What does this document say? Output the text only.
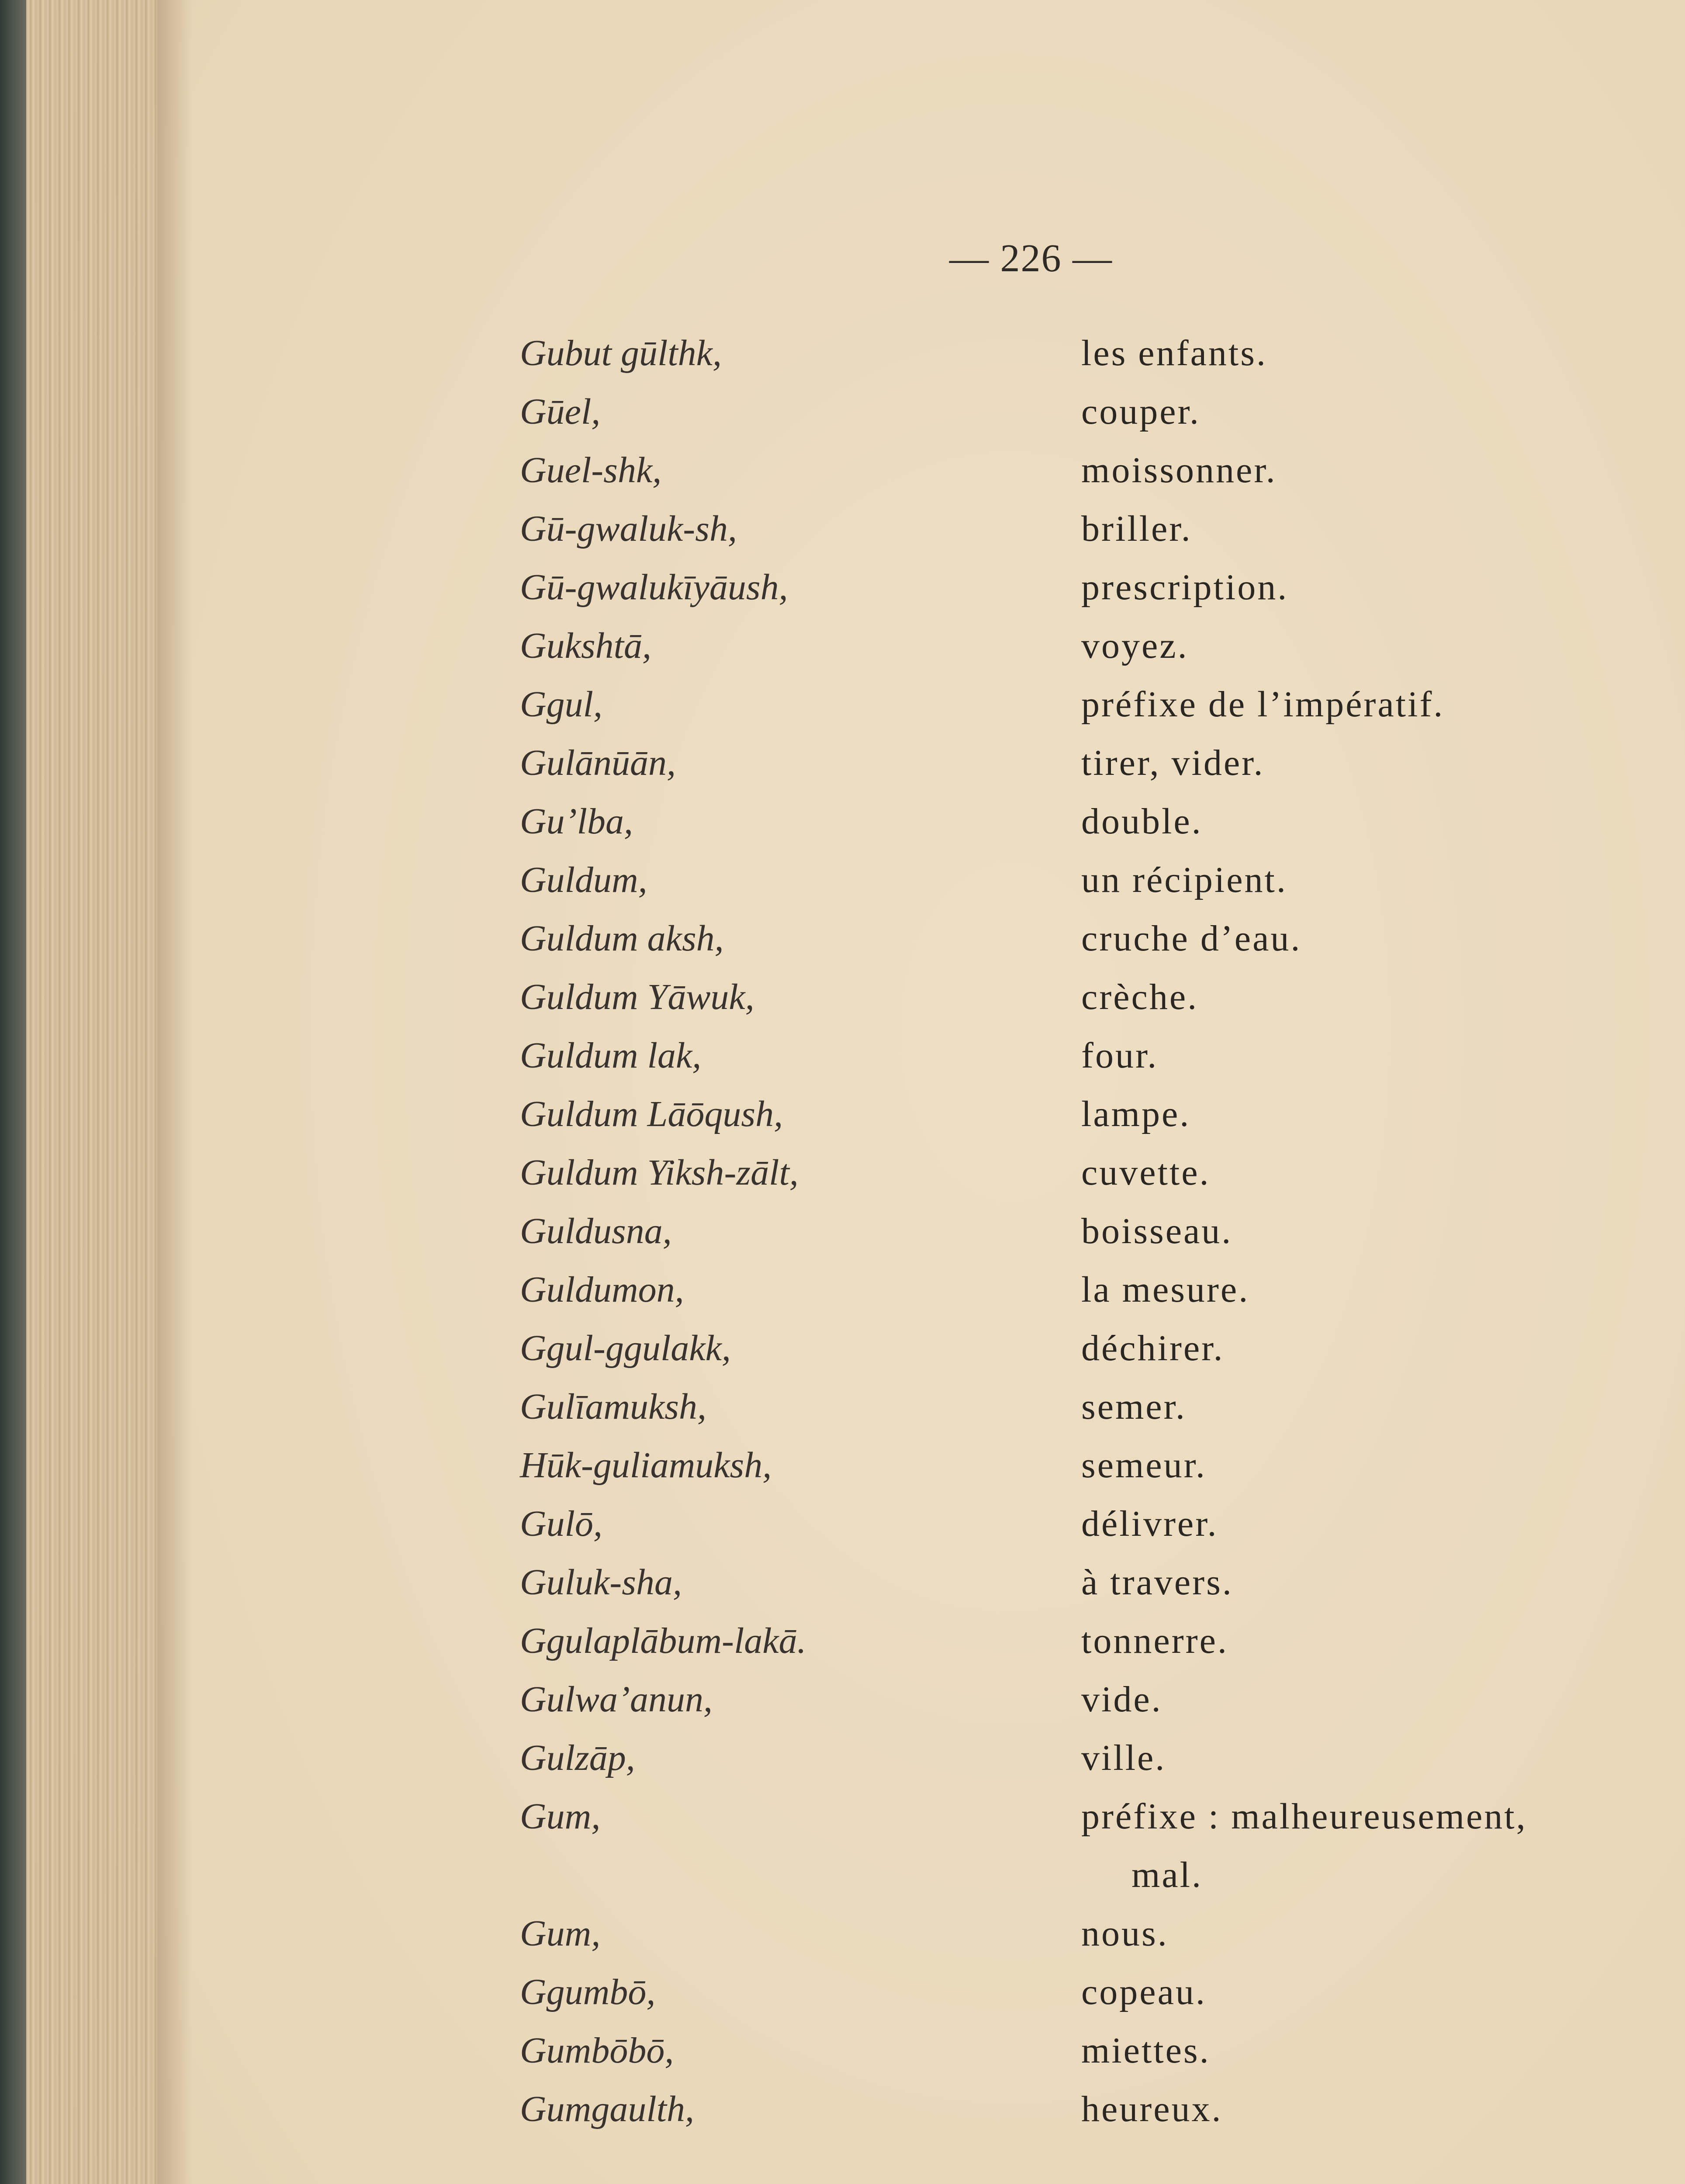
— 226 —
Gubut gūlthk,	les enfants.
Gūel,	couper.
Guel-shk,	moissonner.
Gū-gwaluk-sh,	briller.
Gū-gwalukīyāush,	prescription.
Gukshtā,	voyez.
Ggul,	préfixe de l’impératif.
Gulānūān,	tirer, vider.
Gu’lba,	double.
Guldum,	un récipient.
Guldum aksh,	cruche d’eau.
Guldum Yāwuk,	crèche.
Guldum lak,	four.
Guldum Lāōqush,	lampe.
Guldum Yiksh-zālt,	cuvette.
Guldusna,	boisseau.
Guldumon,	la mesure.
Ggul-ggulakk,	déchirer.
Gulīamuksh,	semer.
Hūk-guliamuksh,	semeur.
Gulō,	délivrer.
Guluk-sha,	à travers.
Ggulaplābum-lakā.	tonnerre.
Gulwa’anun,	vide.
Gulzāp,	ville.
Gum,	préfixe : malheureusement,
mal.
Gum,	nous.
Ggumbō,	copeau.
Gumbōbō,	miettes.
Gumgaulth,	heureux.
